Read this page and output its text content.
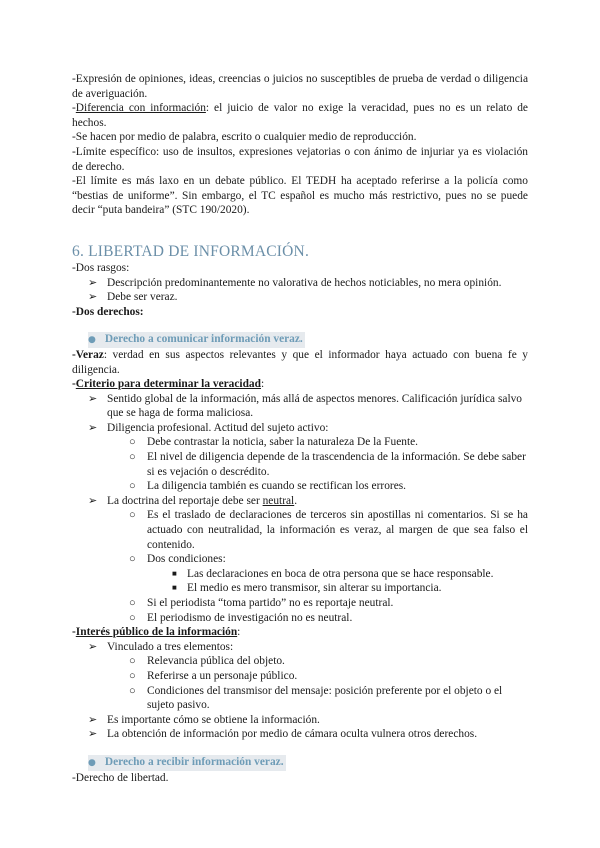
-Expresión de opiniones, ideas, creencias o juicios no susceptibles de prueba de verdad o diligencia de averiguación.

-Diferencia con información: el juicio de valor no exige la veracidad, pues no es un relato de hechos.

-Se hacen por medio de palabra, escrito o cualquier medio de reproducción.

-Límite específico: uso de insultos, expresiones vejatorias o con ánimo de injuriar ya es violación de derecho.

-El límite es más laxo en un debate público. El TEDH ha aceptado referirse a la policía como “bestias de uniforme”. Sin embargo, el TC español es mucho más restrictivo, pues no se puede decir “puta bandeira” (STC 190/2020).

6. LIBERTAD DE INFORMACIÓN.

-Dos rasgos:

➢ Descripción predominantemente no valorativa de hechos noticiables, no mera opinión.
➢ Debe ser veraz.

-Dos derechos:

● Derecho a comunicar información veraz.

-Veraz: verdad en sus aspectos relevantes y que el informador haya actuado con buena fe y diligencia.

-Criterio para determinar la veracidad:

➢ Sentido global de la información, más allá de aspectos menores. Calificación jurídica salvo que se haga de forma maliciosa.
➢ Diligencia profesional. Actitud del sujeto activo:
○ Debe contrastar la noticia, saber la naturaleza De la Fuente.
○ El nivel de diligencia depende de la trascendencia de la información. Se debe saber si es vejación o descrédito.
○ La diligencia también es cuando se rectifican los errores.
➢ La doctrina del reportaje debe ser neutral.
○ Es el traslado de declaraciones de terceros sin apostillas ni comentarios. Si se ha actuado con neutralidad, la información es veraz, al margen de que sea falso el contenido.
○ Dos condiciones:
■ Las declaraciones en boca de otra persona que se hace responsable.
■ El medio es mero transmisor, sin alterar su importancia.
○ Si el periodista “toma partido” no es reportaje neutral.
○ El periodismo de investigación no es neutral.

-Interés público de la información:

➢ Vinculado a tres elementos:
○ Relevancia pública del objeto.
○ Referirse a un personaje público.
○ Condiciones del transmisor del mensaje: posición preferente por el objeto o el sujeto pasivo.
➢ Es importante cómo se obtiene la información.
➢ La obtención de información por medio de cámara oculta vulnera otros derechos.
● Derecho a recibir información veraz.

-Derecho de libertad.
